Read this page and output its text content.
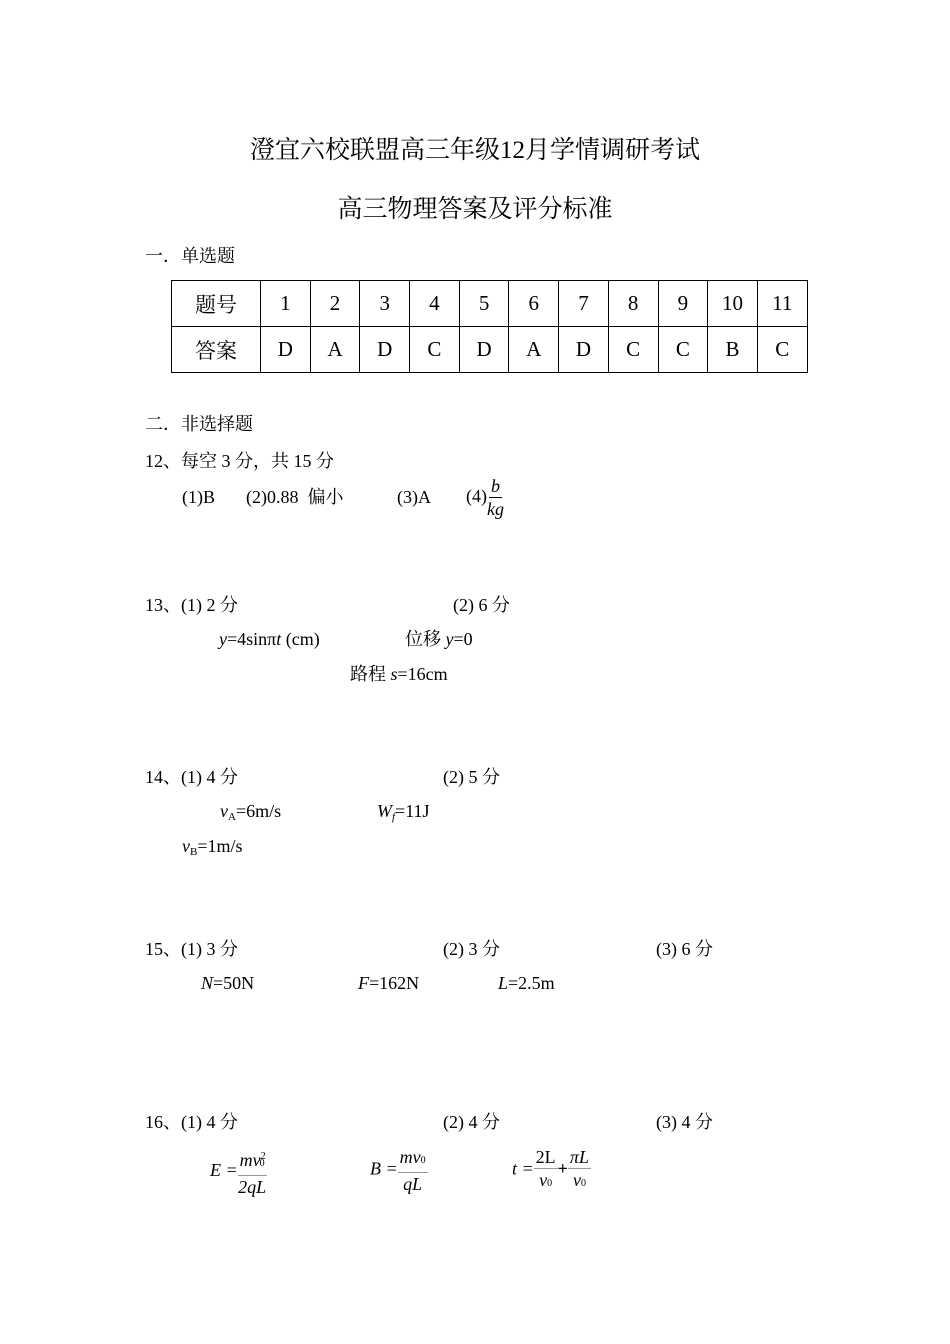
澄宜六校联盟高三年级12月学情调研考试
高三物理答案及评分标准
一．单选题
题号	1	2	3	4	5	6	7	8	9	10	11
答案	D	A	D	C	D	A	D	C	C	B	C
二．非选择题
12、每空 3 分，共 15 分
(1)B (2)0.88  偏小	(3)A $(4) \frac{b}{kg}$
13、(1) 2 分	(2) 6 分
y=4sinπt (cm)	位移 y=0
路程 s=16cm
14、(1) 4 分	(2) 5 分
$v_A=6m/s$	$W_f=11J$
$v_B=1m/s$
15、(1) 3 分	(2) 3 分	(3) 6 分
N=50N	F=162N	L=2.5m
16、(1) 4 分	(2) 4 分	(3) 4 分
$E = \frac{mv^20}{2qL}$	$B = \frac{mv0}{qL}$	$t = \frac{2L}{v0} + \frac{\pi L}{v0}$
